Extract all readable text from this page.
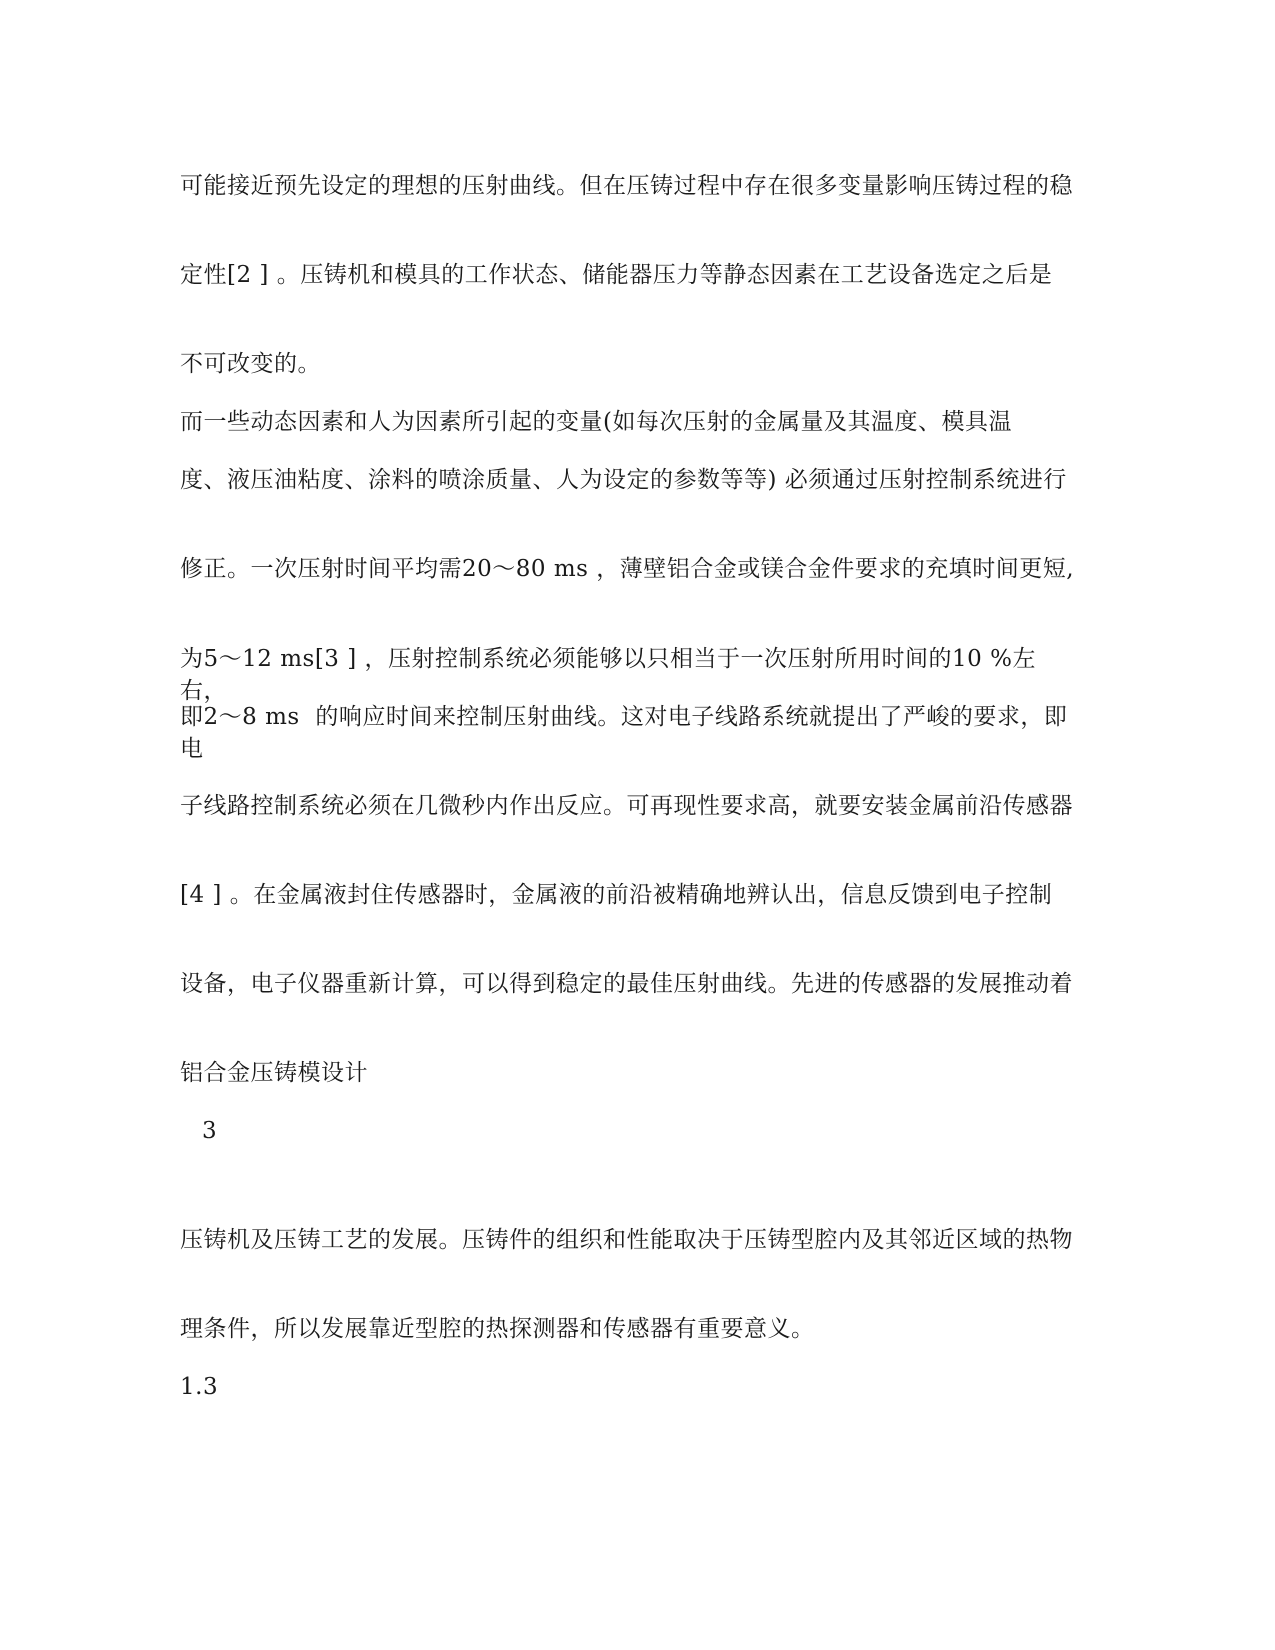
可能接近预先设定的理想的压射曲线。但在压铸过程中存在很多变量影响压铸过程的稳
定性[2 ] 。压铸机和模具的工作状态、储能器压力等静态因素在工艺设备选定之后是
不可改变的。
而一些动态因素和人为因素所引起的变量(如每次压射的金属量及其温度、模具温
度、液压油粘度、涂料的喷涂质量、人为设定的参数等等) 必须通过压射控制系统进行
修正。一次压射时间平均需20～80 ms ，薄壁铝合金或镁合金件要求的充填时间更短,
为5～12 ms[3 ] ，压射控制系统必须能够以只相当于一次压射所用时间的10 %左右，
即2～8 ms  的响应时间来控制压射曲线。这对电子线路系统就提出了严峻的要求，即电
子线路控制系统必须在几微秒内作出反应。可再现性要求高，就要安装金属前沿传感器
[4 ] 。在金属液封住传感器时，金属液的前沿被精确地辨认出，信息反馈到电子控制
设备，电子仪器重新计算，可以得到稳定的最佳压射曲线。先进的传感器的发展推动着
铝合金压铸模设计
3
压铸机及压铸工艺的发展。压铸件的组织和性能取决于压铸型腔内及其邻近区域的热物
理条件，所以发展靠近型腔的热探测器和传感器有重要意义。
1.3
